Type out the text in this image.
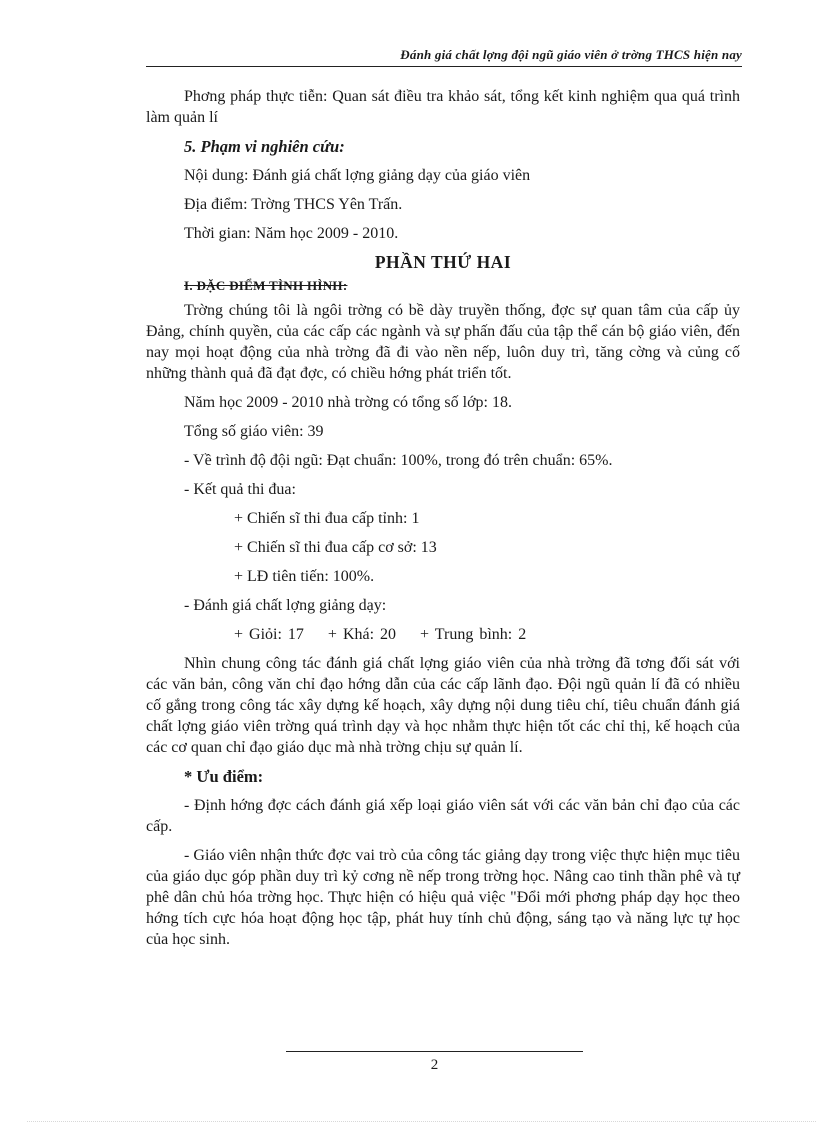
Đánh giá chất lợng đội ngũ giáo viên ở trờng THCS hiện nay

Phơng pháp thực tiễn: Quan sát điều tra khảo sát, tổng kết kinh nghiệm qua quá trình làm quản lí

5. Phạm vi nghiên cứu:

Nội dung: Đánh giá chất lợng giảng dạy của giáo viên

Địa điểm: Trờng THCS Yên Trấn.

Thời gian: Năm học 2009 - 2010.

PHẦN THỨ HAI

I. ĐẶC ĐIỂM TÌNH HÌNH:

Trờng chúng tôi là ngôi trờng có bề dày truyền thống, đợc sự quan tâm của cấp ủy Đảng, chính quyền, của các cấp các ngành và sự phấn đấu của tập thể cán bộ giáo viên, đến nay mọi hoạt động của nhà trờng đã đi vào nền nếp, luôn duy trì, tăng cờng và củng cố những thành quả đã đạt đợc, có chiều hớng phát triển tốt.

Năm học 2009 - 2010 nhà trờng có tổng số lớp: 18.

Tổng số giáo viên: 39

- Về trình độ đội ngũ: Đạt chuẩn: 100%, trong đó trên chuẩn: 65%.

- Kết quả thi đua:

+ Chiến sĩ thi đua cấp tỉnh: 1

+ Chiến sĩ thi đua cấp cơ sở: 13

+ LĐ tiên tiến: 100%.

- Đánh giá chất lợng giảng dạy:

+ Giỏi: 17 + Khá: 20 + Trung bình: 2

Nhìn chung công tác đánh giá chất lợng giáo viên của nhà trờng đã tơng đối sát với các văn bản, công văn chỉ đạo hớng dẫn của các cấp lãnh đạo. Đội ngũ quản lí đã có nhiều cố gắng trong công tác xây dựng kế hoạch, xây dựng nội dung tiêu chí, tiêu chuẩn đánh giá chất lợng giáo viên trờng quá trình dạy và học nhằm thực hiện tốt các chỉ thị, kế hoạch của các cơ quan chỉ đạo giáo dục mà nhà trờng chịu sự quản lí.

* Ưu điểm:

- Định hớng đợc cách đánh giá xếp loại giáo viên sát với các văn bản chỉ đạo của các cấp.

- Giáo viên nhận thức đợc vai trò của công tác giảng dạy trong việc thực hiện mục tiêu của giáo dục góp phần duy trì kỷ cơng nề nếp trong trờng học. Nâng cao tinh thần phê và tự phê dân chủ hóa trờng học. Thực hiện có hiệu quả việc "Đổi mới phơng pháp dạy học theo hớng tích cực hóa hoạt động học tập, phát huy tính chủ động, sáng tạo và năng lực tự học của học sinh.

2
